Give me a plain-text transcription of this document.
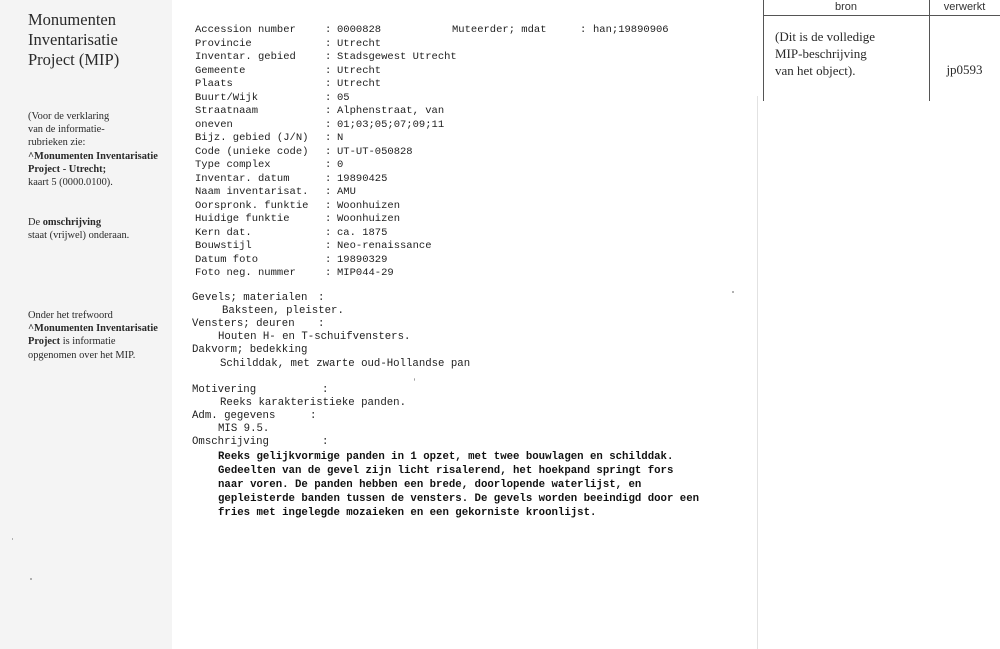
Monumenten
Inventarisatie
Project (MIP)
(Voor de verklaring
van de informatie-
rubrieken zie:
^Monumenten Inventarisatie
Project - Utrecht;
kaart 5 (0000.0100).
De omschrijving
staat (vrijwel) onderaan.
Onder het trefwoord
^Monumenten Inventarisatie
Project is informatie
opgenomen over het MIP.
bron	verwerkt
(Dit is de volledige
MIP-beschrijving
van het object).	jp0593
Muteerder; mdat	: han;19890906
Accession number	: 0000828
Provincie	: Utrecht
Inventar. gebied	: Stadsgewest Utrecht
Gemeente	: Utrecht
Plaats	: Utrecht
Buurt/Wijk	: 05
Straatnaam	: Alphenstraat, van
oneven	: 01;03;05;07;09;11
Bijz. gebied (J/N) : N
Code (unieke code) : UT-UT-050828
Type complex	: 0
Inventar. datum	: 19890425
Naam inventarisat. : AMU
Oorspronk. funktie : Woonhuizen
Huidige funktie	: Woonhuizen
Kern dat.	: ca. 1875
Bouwstijl	: Neo-renaissance
Datum foto	: 19890329
Foto neg. nummer	: MIP044-29
Gevels; materialen :
Baksteen, pleister.
Vensters; deuren :
Houten H- en T-schuifvensters.
Dakvorm; bedekking
Schilddak, met zwarte oud-Hollandse pan
Motivering	:
Reeks karakteristieke panden.
Adm. gegevens	:
MIS 9.5.
Omschrijving	:
Reeks gelijkvormige panden in 1 opzet, met twee bouwlagen en schilddak.
Gedeelten van de gevel zijn licht risalerend, het hoekpand springt fors
naar voren. De panden hebben een brede, doorlopende waterlijst, en
gepleisterde banden tussen de vensters. De gevels worden beeindigd door een
fries met ingelegde mozaieken en een gekorniste kroonlijst.
